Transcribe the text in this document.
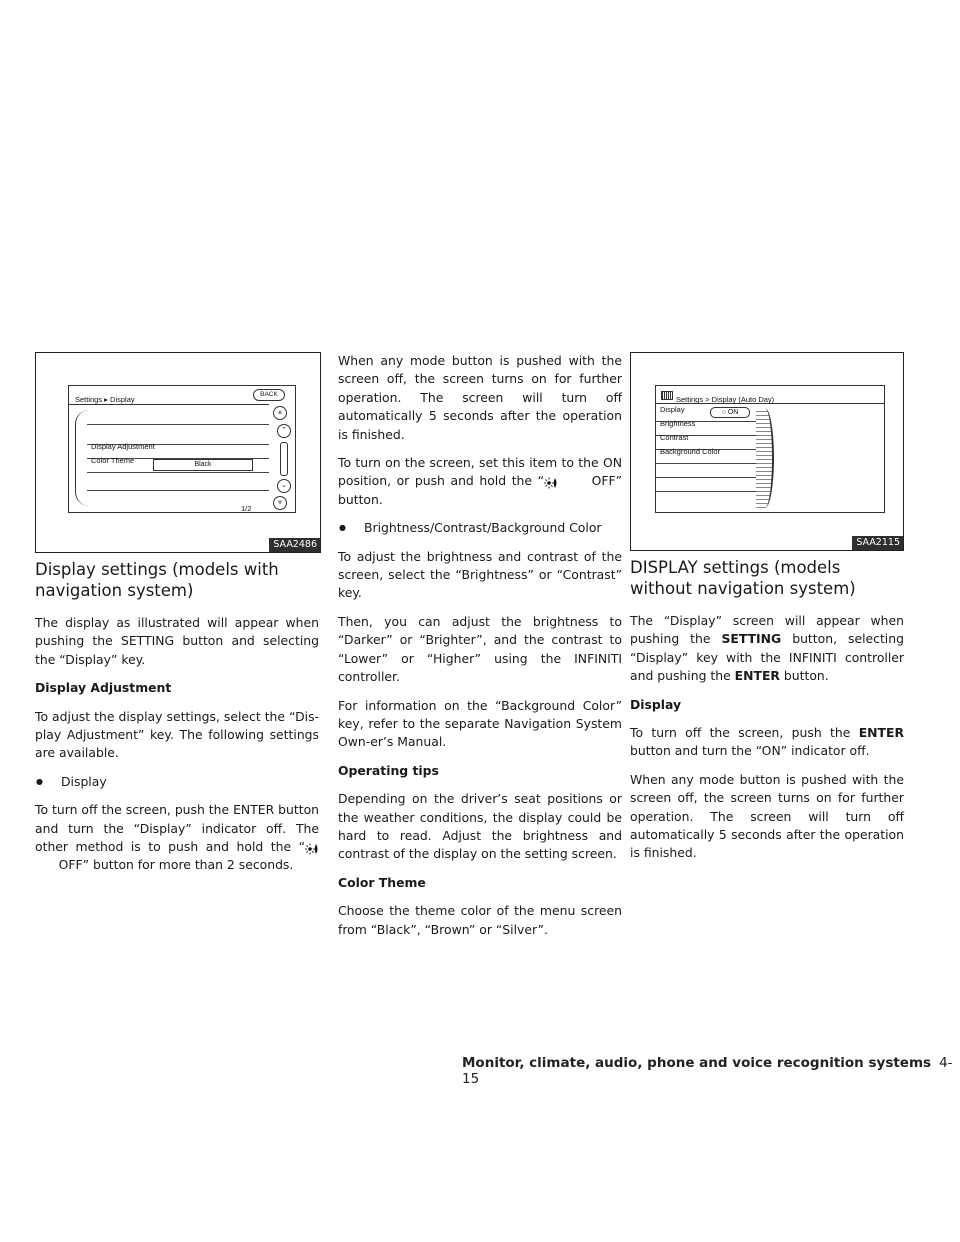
Settings ▸ Display
BACK
Display Adjustment
Color Theme	Black
⩓
⌃
⌄
⩔
1/2
SAA2486
Display settings (models with navigation system)

The display as illustrated will appear when pushing the SETTING button and selecting the “Display” key.

Display Adjustment

To adjust the display settings, select the “Dis-play Adjustment” key. The following settings are available.

● Display

To turn off the screen, push the ENTER button and turn the “Display” indicator off. The other method is to push and hold the “      OFF” button for more than 2 seconds.

When any mode button is pushed with the screen off, the screen turns on for further operation. The screen will turn off automatically 5 seconds after the operation is finished.

To turn on the screen, set this item to the ON position, or push and hold the “	OFF” button.

● Brightness/Contrast/Background Color

To adjust the brightness and contrast of the screen, select the “Brightness” or “Contrast” key.

Then, you can adjust the brightness to “Darker” or “Brighter”, and the contrast to “Lower” or “Higher” using the INFINITI controller.

For information on the “Background Color” key, refer to the separate Navigation System Own-er’s Manual.

Operating tips

Depending on the driver’s seat positions or the weather conditions, the display could be hard to read. Adjust the brightness and contrast of the display on the setting screen.

Color Theme

Choose the theme color of the menu screen from “Black”, “Brown” or “Silver”.

Settings > Display (Auto Day)
Display	○ ON
Brightness
Contrast
Background Color
SAA2115
DISPLAY settings (models without navigation system)

The “Display” screen will appear when pushing the SETTING button, selecting “Display” key with the INFINITI controller and pushing the ENTER button.

Display

To turn off the screen, push the ENTER button and turn the “ON” indicator off.

When any mode button is pushed with the screen off, the screen turns on for further operation. The screen will turn off automatically 5 seconds after the operation is finished.

Monitor, climate, audio, phone and voice recognition systems 4-15
